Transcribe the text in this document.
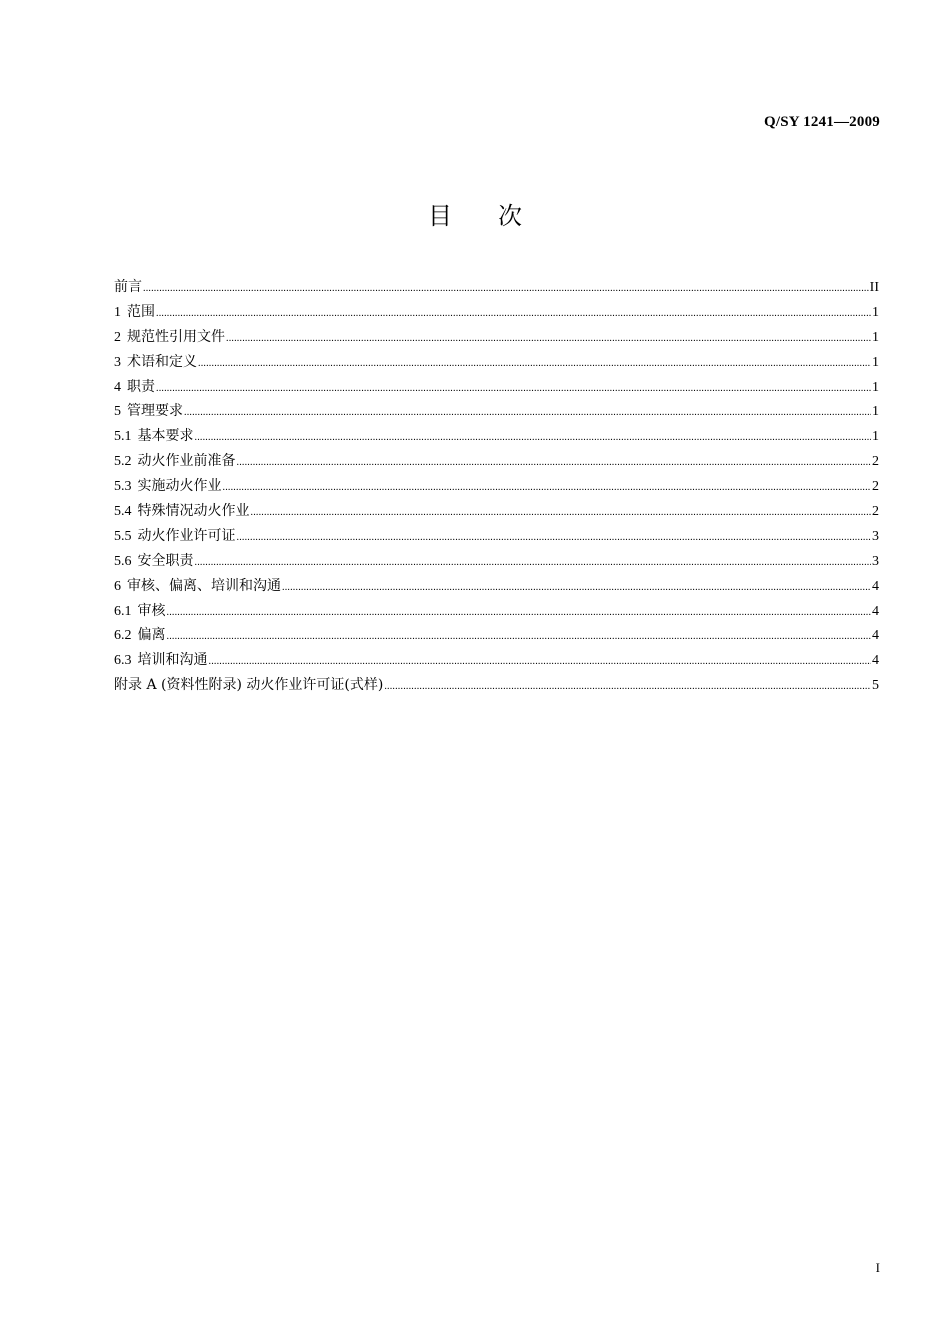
Q/SY 1241—2009
目 次
前言 .....	II
1 范围 .....	1
2 规范性引用文件 .....	1
3 术语和定义 .....	1
4 职责 .....	1
5 管理要求 .....	1
5.1 基本要求 .....	1
5.2 动火作业前准备 .....	2
5.3 实施动火作业 .....	2
5.4 特殊情况动火作业 .....	2
5.5 动火作业许可证 .....	3
5.6 安全职责 .....	3
6 审核、偏离、培训和沟通 .....	4
6.1 审核 .....	4
6.2 偏离 .....	4
6.3 培训和沟通 .....	4
附录 A (资料性附录) 动火作业许可证(式样) .....	5
I
